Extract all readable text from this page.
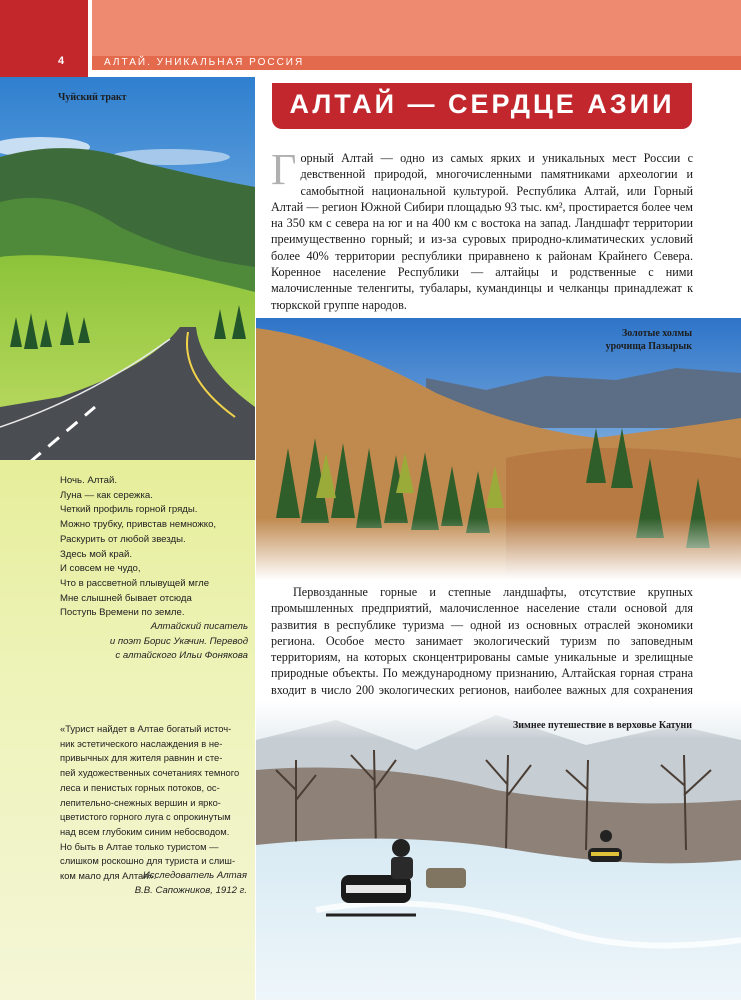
4	АЛТАЙ. УНИКАЛЬНАЯ РОССИЯ
Чуйский тракт
Ночь. Алтай.
Луна — как сережка.
Четкий профиль горной гряды.
Можно трубку, привстав немножко,
Раскурить от любой звезды.
Здесь мой край.
И совсем не чудо,
Что в рассветной плывущей мгле
Мне слышней бывает отсюда
Поступь Времени по земле.
Алтайский писатель
и поэт Борис Укачин. Перевод
с алтайского Ильи Фонякова
«Турист найдет в Алтае богатый источ-
ник эстетического наслаждения в не-
привычных для жителя равнин и сте-
пей художественных сочетаниях темного
леса и пенистых горных потоков, ос-
лепительно-снежных вершин и ярко-
цветистого горного луга с опрокинутым
над всем глубоким синим небосводом.
Но быть в Алтае только туристом —
слишком роскошно для туриста и слиш-
ком мало для Алтая».
Исследователь Алтая
В.В. Сапожников, 1912 г.
АЛТАЙ — СЕРДЦЕ АЗИИ
Горный Алтай — одно из самых ярких и уникальных мест России с девственной природой, многочисленными памятниками археологии и самобытной национальной культурой. Республика Алтай, или Горный Алтай — регион Южной Сибири площадью 93 тыс. км², простирается более чем на 350 км с севера на юг и на 400 км с востока на запад. Ландшафт территории преимущественно горный; и из-за суровых природно-климатических условий более 40% территории республики приравнено к районам Крайнего Севера. Коренное население Республики — алтайцы и родственные с ними малочисленные теленгиты, тубалары, кумандинцы и челканцы принадлежат к тюркской группе народов.
Золотые холмы
урочища Пазырык
Первозданные горные и степные ландшафты, отсутствие крупных промышленных предприятий, малочисленное население стали основой для развития в республике туризма — одной из основных отраслей экономики региона. Особое место занимает экологический туризм по заповедным территориям, на которых сконцентрированы самые уникальные и зрелищные природные объекты. По международному признанию, Алтайская горная страна входит в число 200 экологических регионов, наиболее важных для сохранения
Зимнее путешествие в верховье Катуни
